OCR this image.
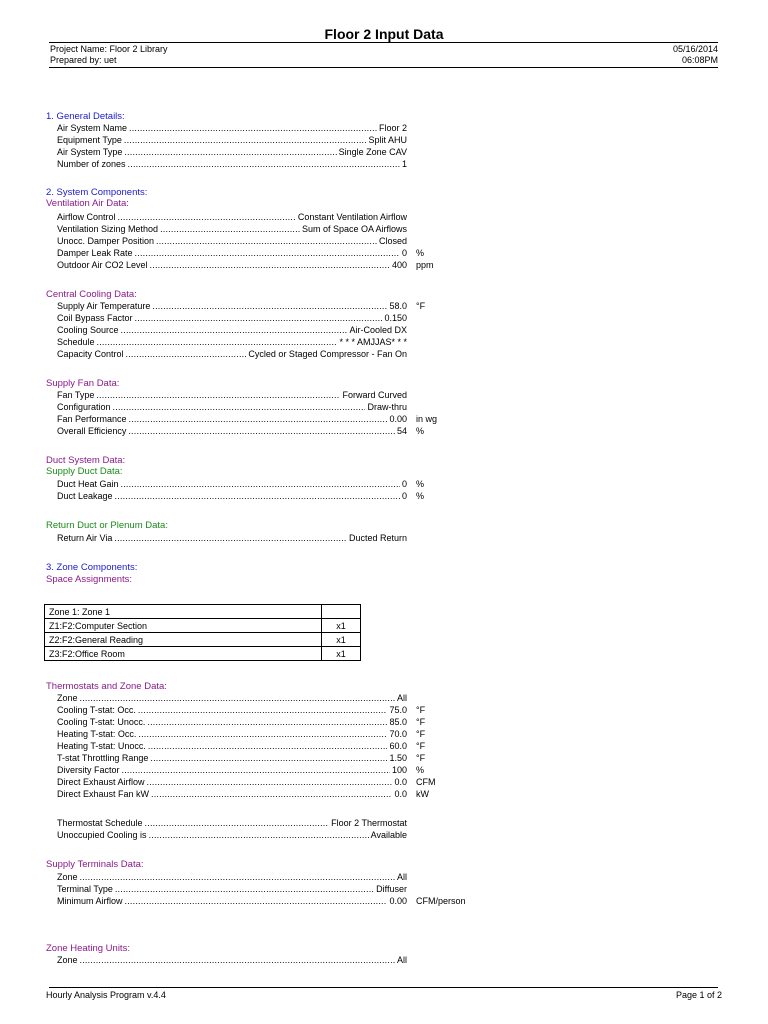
Floor 2 Input Data
Project Name: Floor 2 Library
Prepared by: uet
05/16/2014
06:08PM
1. General Details:
Air System Name .....	Floor 2
Equipment Type .....	Split AHU
Air System Type .....	Single Zone CAV
Number of zones .....	1
2. System Components:
Ventilation Air Data:
Airflow Control .....	Constant Ventilation Airflow
Ventilation Sizing Method .....	Sum of Space OA Airflows
Unocc. Damper Position .....	Closed
Damper Leak Rate .....	0 %
Outdoor Air CO2 Level .....	400 ppm
Central Cooling Data:
Supply Air Temperature .....	58.0 °F
Coil Bypass Factor .....	0.150
Cooling Source .....	Air-Cooled DX
Schedule .....	* * * AMJJAS* * *
Capacity Control .....	Cycled or Staged Compressor - Fan On
Supply Fan Data:
Fan Type .....	Forward Curved
Configuration .....	Draw-thru
Fan Performance .....	0.00 in wg
Overall Efficiency .....	54 %
Duct System Data:
Supply Duct Data:
Duct Heat Gain .....	0 %
Duct Leakage .....	0 %
Return Duct or Plenum Data:
Return Air Via .....	Ducted Return
3. Zone Components:
Space Assignments:
Zone 1: Zone 1	
Z1:F2:Computer Section	x1
Z2:F2:General Reading	x1
Z3:F2:Office Room	x1
Thermostats and Zone Data:
Zone .....	All
Cooling T-stat: Occ. .....	75.0 °F
Cooling T-stat: Unocc. .....	85.0 °F
Heating T-stat: Occ. .....	70.0 °F
Heating T-stat: Unocc. .....	60.0 °F
T-stat Throttling Range .....	1.50 °F
Diversity Factor .....	100 %
Direct Exhaust Airflow .....	0.0 CFM
Direct Exhaust Fan kW .....	0.0 kW
Thermostat Schedule .....	Floor 2 Thermostat
Unoccupied Cooling is .....	Available
Supply Terminals Data:
Zone .....	All
Terminal Type .....	Diffuser
Minimum Airflow .....	0.00 CFM/person
Zone Heating Units:
Zone .....	All
Hourly Analysis Program v.4.4	Page 1 of 2
